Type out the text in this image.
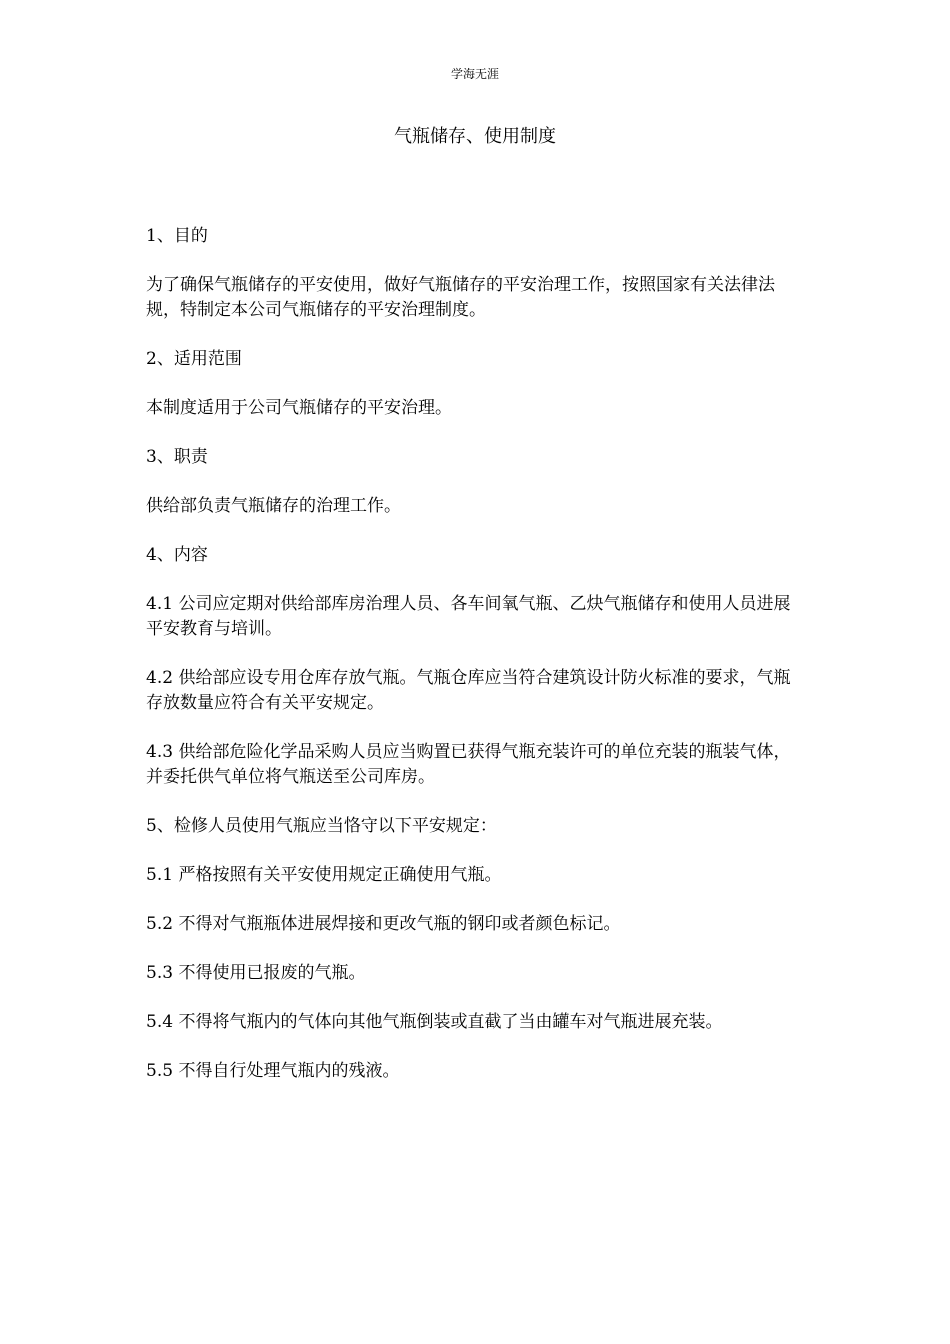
学海无涯
气瓶储存、使用制度

1、目的

为了确保气瓶储存的平安使用，做好气瓶储存的平安治理工作，按照国家有关法律法规，特制定本公司气瓶储存的平安治理制度。

2、适用范围

本制度适用于公司气瓶储存的平安治理。

3、职责

供给部负责气瓶储存的治理工作。

4、内容

4.1 公司应定期对供给部库房治理人员、各车间氧气瓶、乙炔气瓶储存和使用人员进展平安教育与培训。

4.2 供给部应设专用仓库存放气瓶。气瓶仓库应当符合建筑设计防火标准的要求，气瓶存放数量应符合有关平安规定。

4.3 供给部危险化学品采购人员应当购置已获得气瓶充装许可的单位充装的瓶装气体，并委托供气单位将气瓶送至公司库房。

5、检修人员使用气瓶应当恪守以下平安规定：

5.1 严格按照有关平安使用规定正确使用气瓶。

5.2 不得对气瓶瓶体进展焊接和更改气瓶的钢印或者颜色标记。

5.3 不得使用已报废的气瓶。

5.4 不得将气瓶内的气体向其他气瓶倒装或直截了当由罐车对气瓶进展充装。

5.5 不得自行处理气瓶内的残液。
